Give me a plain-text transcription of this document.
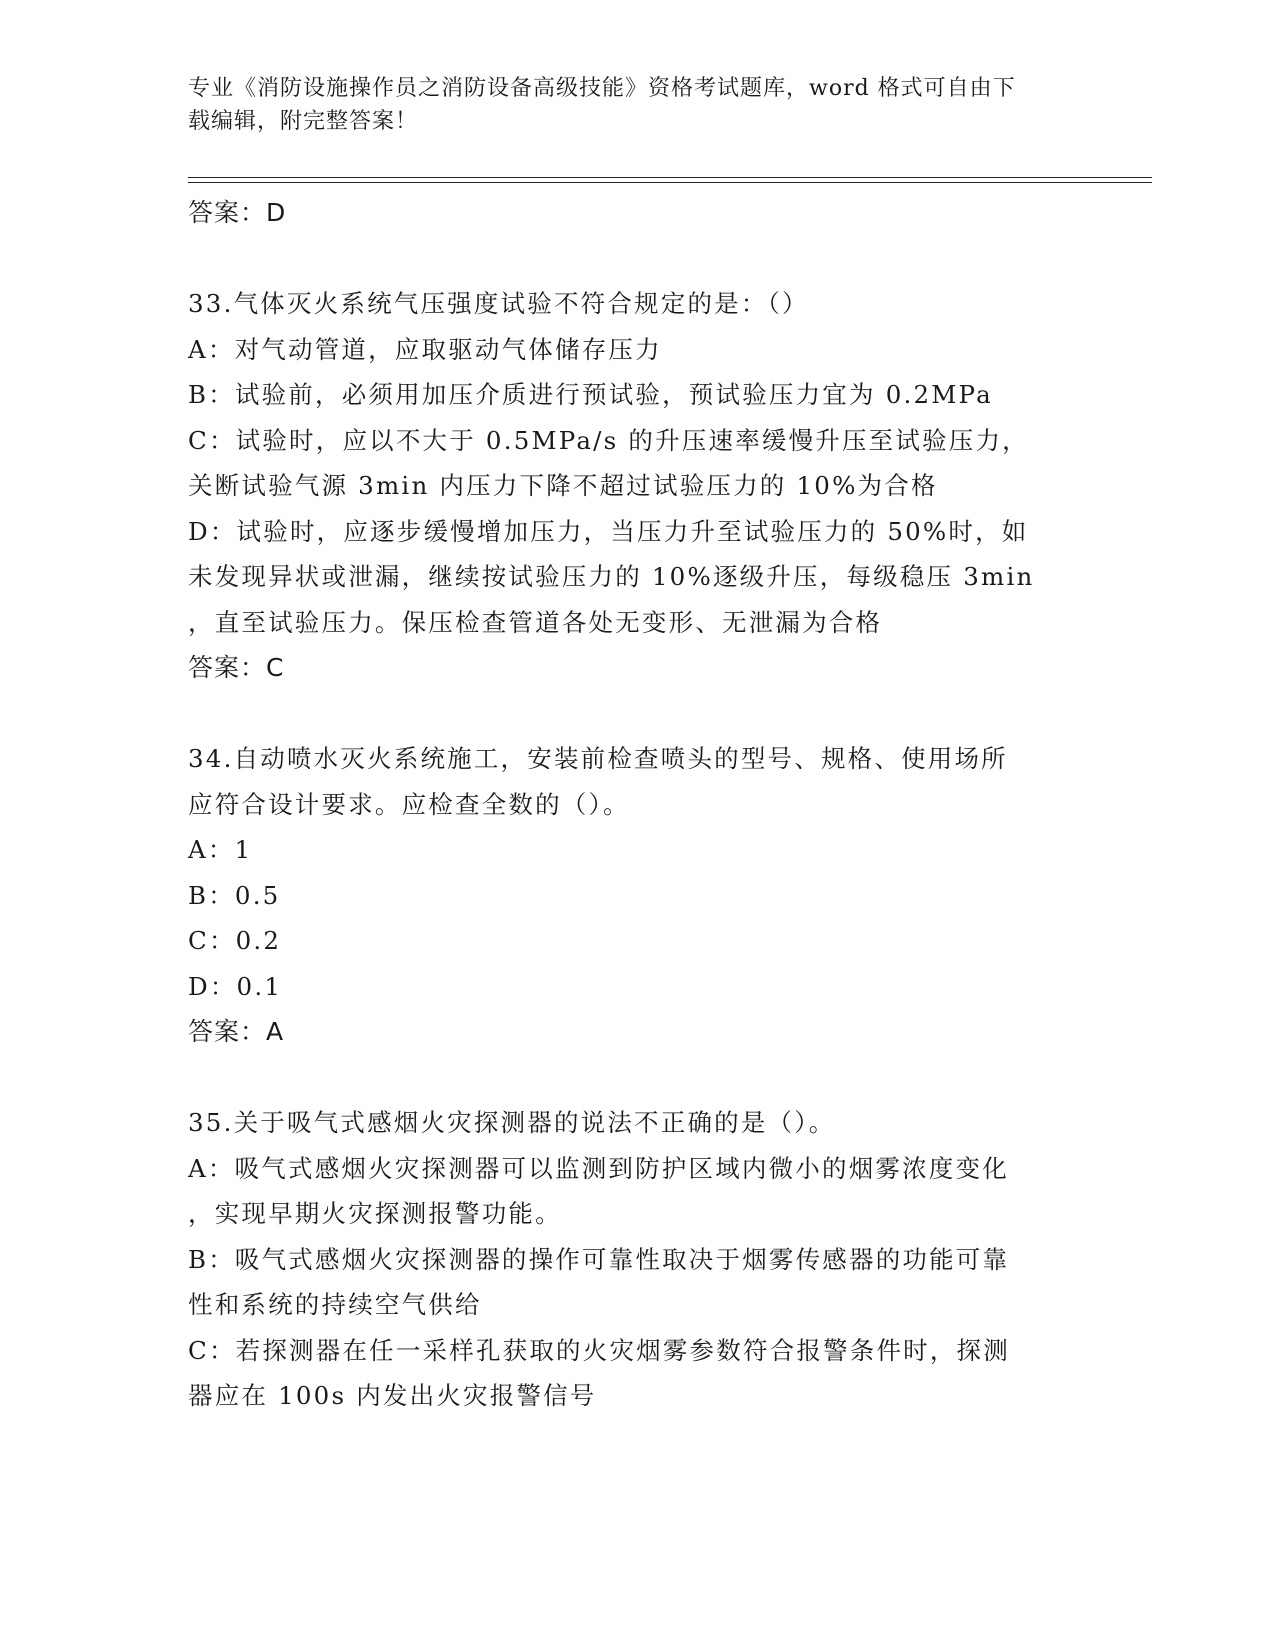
专业《消防设施操作员之消防设备高级技能》资格考试题库，word 格式可自由下
载编辑，附完整答案！
答案：D
33.气体灭火系统气压强度试验不符合规定的是：（）
A：对气动管道，应取驱动气体储存压力
B：试验前，必须用加压介质进行预试验，预试验压力宜为 0.2MPa
C：试验时，应以不大于 0.5MPa/s 的升压速率缓慢升压至试验压力，
关断试验气源 3min 内压力下降不超过试验压力的 10%为合格
D：试验时，应逐步缓慢增加压力，当压力升至试验压力的 50%时，如
未发现异状或泄漏，继续按试验压力的 10%逐级升压，每级稳压 3min
，直至试验压力。保压检查管道各处无变形、无泄漏为合格
答案：C
34.自动喷水灭火系统施工，安装前检查喷头的型号、规格、使用场所
应符合设计要求。应检查全数的（）。
A：1
B：0.5
C：0.2
D：0.1
答案：A
35.关于吸气式感烟火灾探测器的说法不正确的是（）。
A：吸气式感烟火灾探测器可以监测到防护区域内微小的烟雾浓度变化
，实现早期火灾探测报警功能。
B：吸气式感烟火灾探测器的操作可靠性取决于烟雾传感器的功能可靠
性和系统的持续空气供给
C：若探测器在任一采样孔获取的火灾烟雾参数符合报警条件时，探测
器应在 100s 内发出火灾报警信号
